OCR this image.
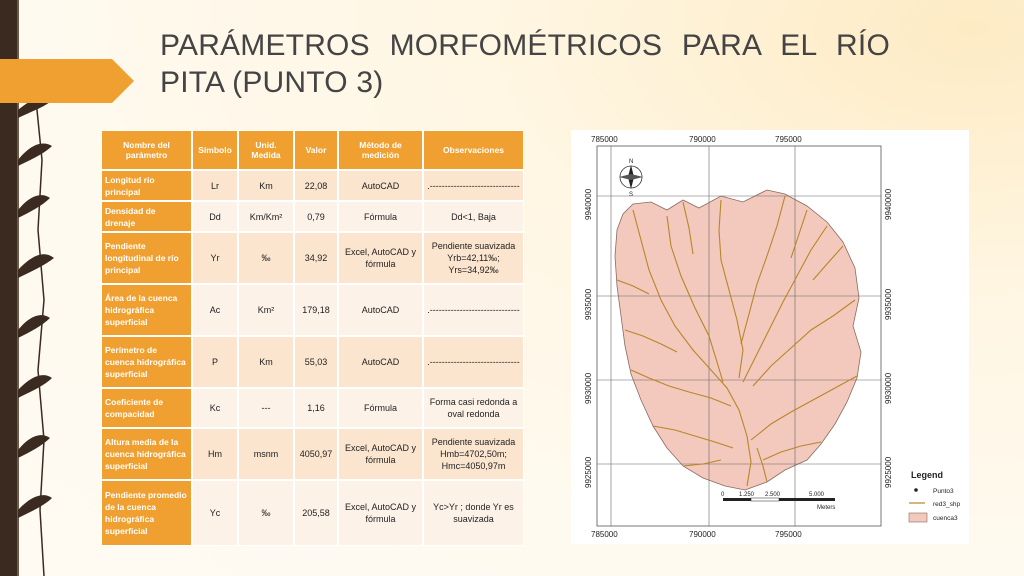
PARÁMETROS MORFOMÉTRICOS PARA EL RÍO PITA (PUNTO 3)
Nombre del parámetro	Símbolo	Unid. Medida	Valor	Método de medición	Observaciones
Longitud río principal	Lr	Km	22,08	AutoCAD	.------------------------------
Densidad de drenaje	Dd	Km/Km²	0,79	Fórmula	Dd<1, Baja
Pendiente longitudinal de río principal	Yr	‰	34,92	Excel, AutoCAD y fórmula	Pendiente suavizada Yrb=42,11‰; Yrs=34,92‰
Área de la cuenca hidrográfica superficial	Ac	Km²	179,18	AutoCAD	.------------------------------
Perímetro de cuenca hidrográfica superficial	P	Km	55,03	AutoCAD	.------------------------------
Coeficiente de compacidad	Kc	---	1,16	Fórmula	Forma casi redonda a oval redonda
Altura media de la cuenca hidrográfica superficial	Hm	msnm	4050,97	Excel, AutoCAD y fórmula	Pendiente suavizada Hmb=4702,50m; Hmc=4050,97m
Pendiente promedio de la cuenca hidrográfica superficial	Yc	‰	205,58	Excel, AutoCAD y fórmula	Yc>Yr ; donde Yr es suavizada
N
S
785000	790000	795000
785000	790000	795000
9940000
9935000
9930000
9925000
9940000
9935000
9930000
9925000
0 1.250 2.500	5.000
Meters
Legend
Punto3
red3_shp
cuenca3
